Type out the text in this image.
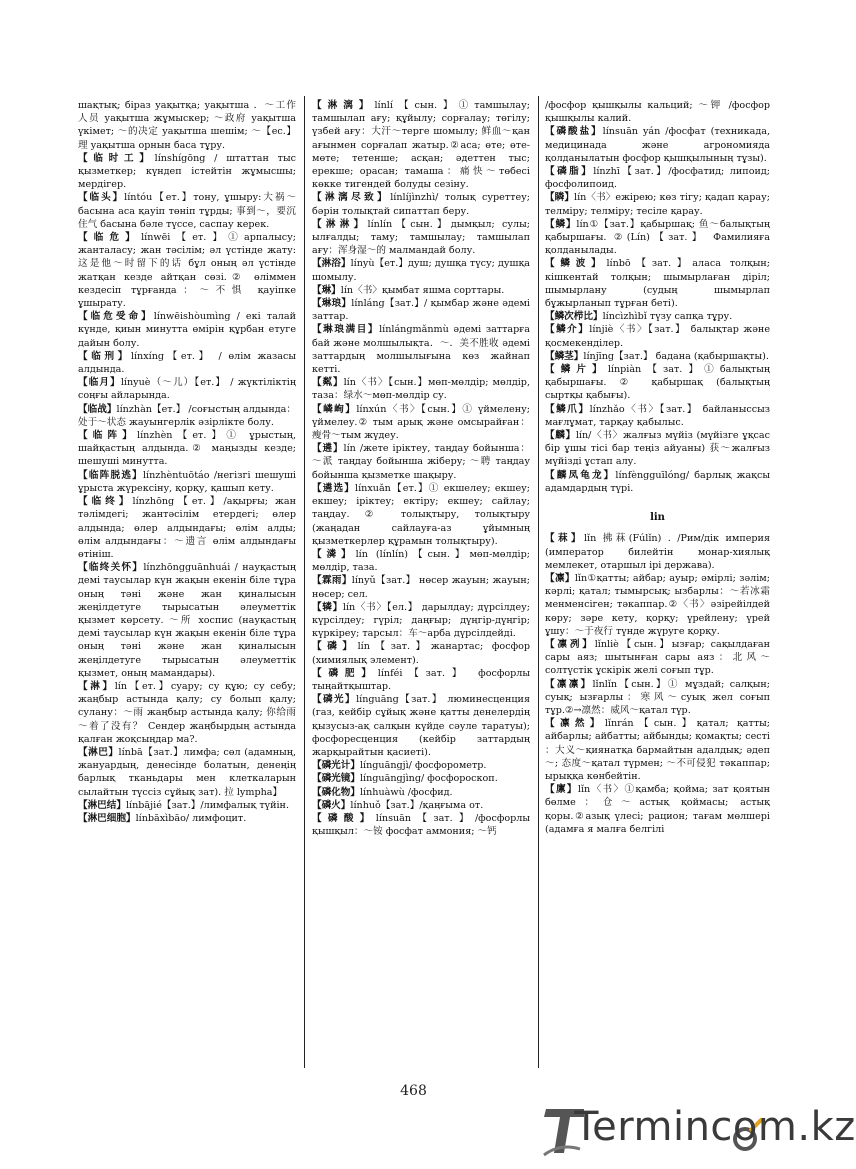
шақтық; біраз уақытқа; уақытша ．～工作人员 уақытша жұмыскер; ～政府 уақытша үкімет; ～的决定 уақытша шешім; ～【ес.】 理 уақытша орнын баса тұру.

【临时工】línshígōng / штаттан тыс қызметкер; күндеп істейтін жұмысшы; мердігер.

【临头】líntóu【ет.】тону, ұшыру:大祸～басына аса қауіп төніп тұрды; 事到～，要沉住气 басына бәле түссе, саспау керек.

【临危】línwēi【ет.】①арпалысу; жанталасу; жан тәсілім; әл үстінде жату:这是他～时留下的话 бұл оның әл үстінде жатқан кезде айтқан сөзі.② өліммен кездесіп тұрғанда：～不惧 қауіпке ұшырату.

【临危受命】línwēishòumìng / екі талай күнде, қиын минутта өмірін құрбан етуге дайын болу.

【临刑】línxíng【ет.】 / өлім жазасы алдында.

【临月】línyuè（～儿）【ет.】 / жүктіліктің соңғы айларында.

【临战】línzhàn【ет.】 /соғыстың алдында：处于～状态 жауынгерлік әзірлікте болу.

【临阵】línzhèn【ет.】① ұрыстың, шайқастың алдында.② маңызды кезде; шешуші минутта.

【临阵脱逃】línzhèntuōtáo /негізгі шешуші ұрыста жүрексіну, қорқу, қашып кету.

【临终】línzhōng【ет.】/ақырғы; жан тәлімдегі; жантәсілім етердегі; өлер алдында; өлер алдындағы; өлім алды; өлім алдындағы：～遗言 өлім алдындағы өтініш.

【临终关怀】línzhōngguānhuái / науқастың демі таусылар күн жақын екенін біле тұра оның тәні және жан қиналысын жеңілдетуге тырысатын әлеуметтік қызмет көрсету. ～所 хоспис (науқастың демі таусылар күн жақын екенін біле тұра оның тәні және жан қиналысын жеңілдетуге тырысатын әлеуметтік қызмет, оның мамандары).

【淋】lín【ет.】суару; су құю; су себу; жаңбыр астында қалу; су болып қалу; сулану：～雨 жаңбыр астында қалу; 你给雨～着了没有？ Сендер жаңбырдың астында қалған жоқсыңдар ма?.

【淋巴】línbā【зат.】лимфа; сөл (адамның, жануардың, денесінде болатын, денеңің барлық тканьдары мен клеткаларын сылайтын түссіз сұйық зат). 拉 lympha】

【淋巴结】línbājié【зат.】/лимфалық түйін.

【淋巴细胞】línbāxìbāo/ лимфоцит.

【淋漓】línlí【сын.】①тамшылау; тамшылап ағу; құйылу; сорғалау; төгілу; үзбей ағу：大汗～терге шомылу; 鲜血～қан ағынмен сорғалап жатыр.②аса; өте; өте-мөте; тетенше; асқан; әдеттен тыс; ерекше; орасан; тамаша：痛快～төбесі көкке тигендей болуды сезіну.

【淋漓尽致】línlíjìnzhì/ толық суреттеу; бәрін толықтай сипаттап беру.

【淋淋】línlín【сын.】дымқыл; сулы; ылғалды; таму; тамшылау; тамшылап ағу：浑身湿～的 малмандай болу.

【淋浴】línyù【ет.】душ; душқа түсу; душқа шомылу.

【琳】lín〈书〉қымбат яшма сорттары.

【琳琅】línláng【зат.】/ қымбар және әдемі заттар.

【琳琅满目】línlángmǎnmù әдемі заттарға бай және молшылықта．～．美不胜收 әдемі заттардың молшылығына көз жайнап кетті.

【粼】lín〈书〉【сын.】мөп-мөлдір; мөлдір, таза：绿水～мөп-мөлдір су.

【嶙峋】línxún〈书〉【сын.】① үймелену; үймелеу.② тым арық және омсырайған：瘦骨～тым жүдеу.

【遴】lín /жете іріктеу, таңдау бойынша：～派 таңдау бойынша жіберу; ～聘 таңдау бойынша қызметке шақыру.

【遴选】línxuǎn【ет.】① екшелеу; екшеу; екшеу; іріктеу; ектіру; екшеу; сайлау; таңдау. ② толықтыру, толықтыру (жаңадан сайлауға-аз ұйымның қызметкерлер құрамын толықтыру).

【潾】lín (línlín)【сын.】мөп-мөлдір; мөлдір, таза.

【霖雨】línyǔ【зат.】 нөсер жауын; жауын; нөсер; сел.

【辚】lín〈书〉【ел.】 дарылдау; дүрсілдеу; күрсілдеу; гүріл; даңғыр; дүңгір-дүңгір; күркіреу; тарсыл：车～арба дүрсілдейді.

【磷】lín【зат.】жанартас; фосфор (химиялық элемент).

【磷肥】línféi【зат.】 фосфорлы тыңайтқыштар.

【磷光】línguāng【зат.】 люминесценция (газ, кейбір сұйық және қатты денелердің қызусыз-ақ салқын күйде сәуле таратуы); фосфоресценция (кейбір заттардың жарқырайтын қасиеті).

【磷光计】línguāngjì/ фосфорометр.

【磷光镜】línguāngjìng/ фосфороскоп.

【磷化物】línhuàwù /фосфид.

【磷火】línhuǒ【зат.】/қаңғыма от.

【磷酸】línsuān【зат.】/фосфорлы қышқыл：～铵 фосфат аммония; ～钙

/фосфор қышқылы кальций; ～钾 /фосфор қышқылы калий.

【磷酸盐】línsuān yán /фосфат (техникада, медицинада және агрономияда қолданылатын фосфор қышқылының тұзы).

【磷脂】línzhī【зат.】/фосфатид; липоид; фосфолипоид.

【瞵】lín〈书〉ежірею; көз тігу; қадап қарау; телміру; телміру; тесіле қарау.

【鳞】lín①【зат.】қабыршақ; 鱼～балықтың қабыршағы. ②(Lín)【зат.】 Фамилияға қолданылады.

【鳞波】línbō【зат.】аласа толқын; кішкентай толқын; шымырлаған діріл; шымырлану (судың шымырлап бұжырланып тұрған беті).

【鳞次栉比】líncìzhìbǐ түзу сапқа тұру.

【鳞介】línjiè〈书〉【зат.】 балықтар және қосмекенділер.

【鳞茎】línjīng【зат.】 бадана (қабыршақты).

【鳞片】línpiàn【зат.】①балықтың қабыршағы. ② қабыршақ (балықтың сыртқы қабығы).

【鳞爪】línzhǎo〈书〉【зат.】 байланыссыз мағлұмат, тарқау қабылыс.

【麟】lín/〈书〉жалғыз мүйіз (мүйізге ұқсас бір ұшы тісі бар теңіз айуаны) 获～жалғыз мүйізді ұстап алу.

【麟凤龟龙】línfèngguīlóng/ барлық жақсы адамдардың түрі.

lin

【菻】lǐn 拂菻(Fúlǐn) . /Рим/дік империя (император билейтін монар-хиялық мемлекет, отаршыл ірі держава).

【凛】lǐn①қатты; айбар; ауыр; әмірлі; зәлім; кәрлі; қатал; тымырсық; ызбарлы：～若冰霜 менменсіген; тәкаппар.②〈书〉әзірейілдей көру; зәре кету, қорқу; үрейлену; үрей ұшу：～于夜行 түнде жүруге қорқу.

【凛冽】lǐnliè【сын.】ызғар; сақылдаған сары аяз; шытынған сары аяз：北风～солтүстік ұскірік желі соғып тұр.

【凛凛】lǐnlǐn【сын.】① мұздай; салқын; суық; ызғарлы：寒风～суық жел соғып тұр.②→凛然：威风～қатал түр.

【凛然】lǐnrán【сын.】қатал; қатты; айбарлы; айбатты; айбынды; қомақты; сесті ：大义～қиянатқа бармайтын адалдық; әдеп ～; 态度～қатал түрмен; ～不可侵犯 тәкаппар; ырыққа көнбейтін.

【廪】lǐn〈书〉①қамба; қойма; зат қоятын бөлме：仓～астық қоймасы; астық қоры.②азық үлесі; рацион; тағам мөлшері (адамға я малға белгілі

468
Termincom.kz
